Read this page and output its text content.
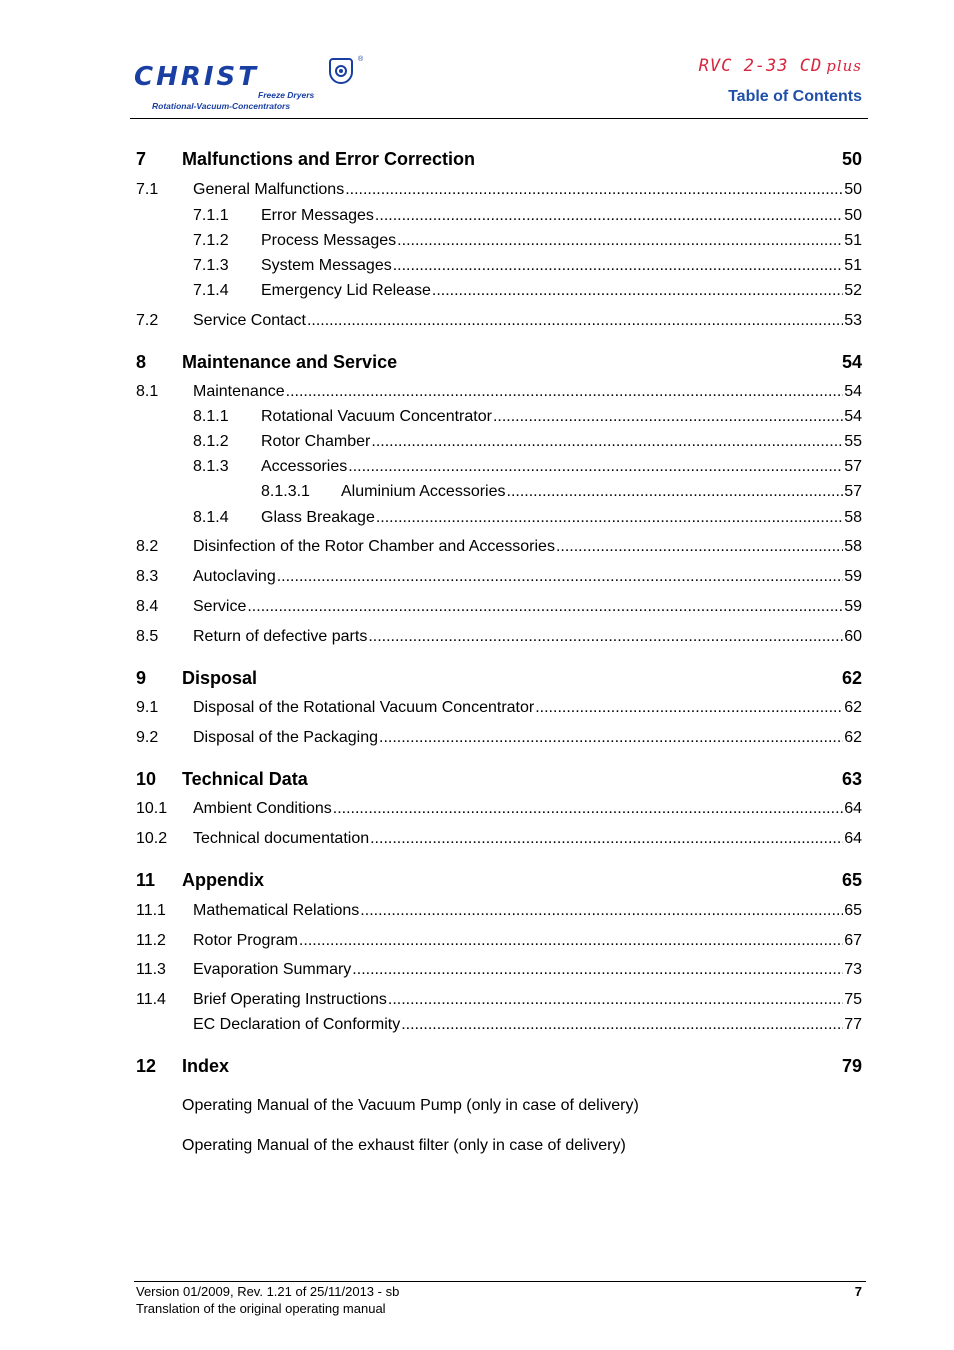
CHRIST
®
Freeze Dryers
Rotational-Vacuum-Concentrators
RVC 2-33 CD plus
Table of Contents
7	Malfunctions and Error Correction	50
7.1	General Malfunctions .....	50
7.1.1	Error Messages .....	50
7.1.2	Process Messages .....	51
7.1.3	System Messages .....	51
7.1.4	Emergency Lid Release .....	52
7.2	Service Contact .....	53
8	Maintenance and Service	54
8.1	Maintenance .....	54
8.1.1	Rotational Vacuum Concentrator .....	54
8.1.2	Rotor Chamber .....	55
8.1.3	Accessories .....	57
8.1.3.1	Aluminium Accessories .....	57
8.1.4	Glass Breakage .....	58
8.2	Disinfection of the Rotor Chamber and Accessories .....	58
8.3	Autoclaving .....	59
8.4	Service .....	59
8.5	Return of defective parts .....	60
9	Disposal	62
9.1	Disposal of the Rotational Vacuum Concentrator .....	62
9.2	Disposal of the Packaging .....	62
10	Technical Data	63
10.1	Ambient Conditions .....	64
10.2	Technical documentation .....	64
11	Appendix	65
11.1	Mathematical Relations .....	65
11.2	Rotor Program .....	67
11.3	Evaporation Summary .....	73
11.4	Brief Operating Instructions .....	75
EC Declaration of Conformity .....	77
12	Index	79
Operating Manual of the Vacuum Pump (only in case of delivery)
Operating Manual of the exhaust filter (only in case of delivery)
Version 01/2009, Rev. 1.21 of 25/11/2013 - sb
Translation of the original operating manual
7
